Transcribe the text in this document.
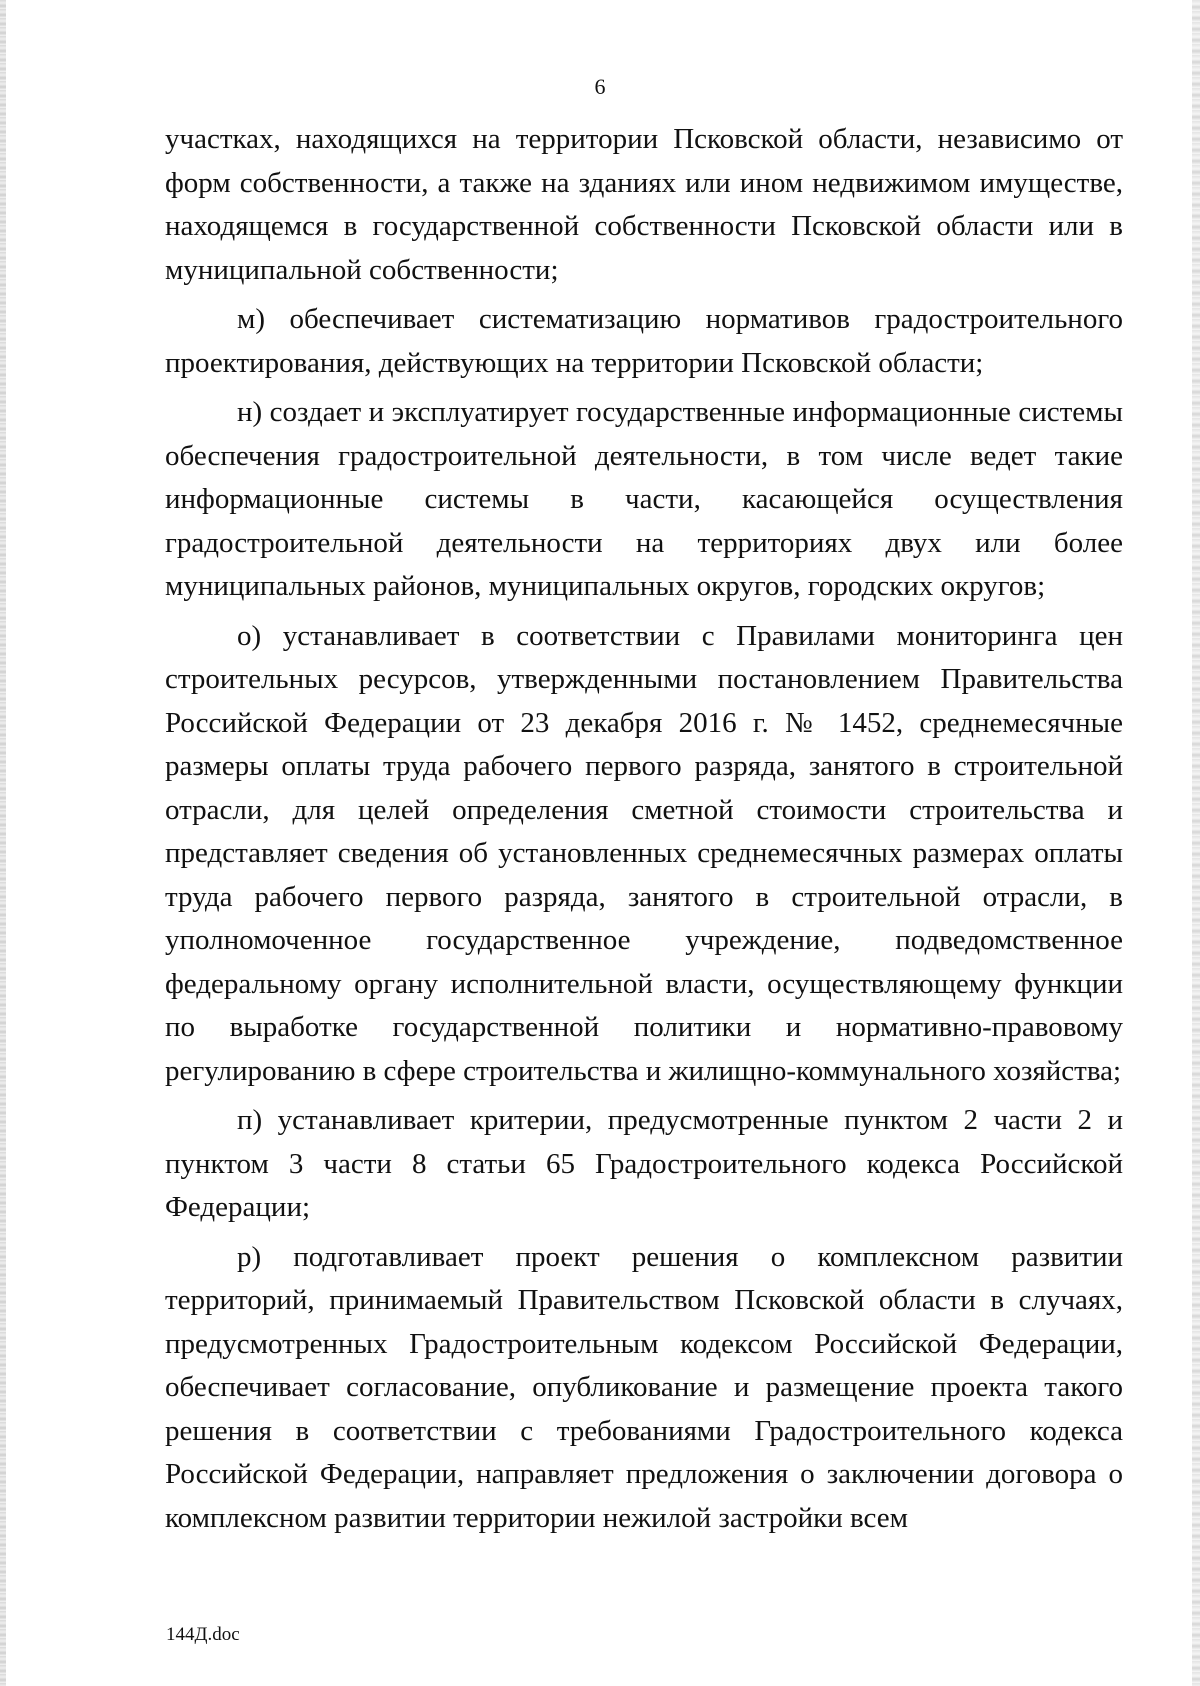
6

участках, находящихся на территории Псковской области, независимо от форм собственности, а также на зданиях или ином недвижимом имуществе, находящемся в государственной собственности Псковской области или в муниципальной собственности;

м) обеспечивает систематизацию нормативов градостроительного проектирования, действующих на территории Псковской области;

н) создает и эксплуатирует государственные информационные системы обеспечения градостроительной деятельности, в том числе ведет такие информационные системы в части, касающейся осуществления градостроительной деятельности на территориях двух или более муниципальных районов, муниципальных округов, городских округов;

о) устанавливает в соответствии с Правилами мониторинга цен строительных ресурсов, утвержденными постановлением Правительства Российской Федерации от 23 декабря 2016 г. № 1452, среднемесячные размеры оплаты труда рабочего первого разряда, занятого в строительной отрасли, для целей определения сметной стоимости строительства и представляет сведения об установленных среднемесячных размерах оплаты труда рабочего первого разряда, занятого в строительной отрасли, в уполномоченное государственное учреждение, подведомственное федеральному органу исполнительной власти, осуществляющему функции по выработке государственной политики и нормативно-правовому регулированию в сфере строительства и жилищно-коммунального хозяйства;

п) устанавливает критерии, предусмотренные пунктом 2 части 2 и пунктом 3 части 8 статьи 65 Градостроительного кодекса Российской Федерации;

р) подготавливает проект решения о комплексном развитии территорий, принимаемый Правительством Псковской области в случаях, предусмотренных Градостроительным кодексом Российской Федерации, обеспечивает согласование, опубликование и размещение проекта такого решения в соответствии с требованиями Градостроительного кодекса Российской Федерации, направляет предложения о заключении договора о комплексном развитии территории нежилой застройки всем

144Д.doc
